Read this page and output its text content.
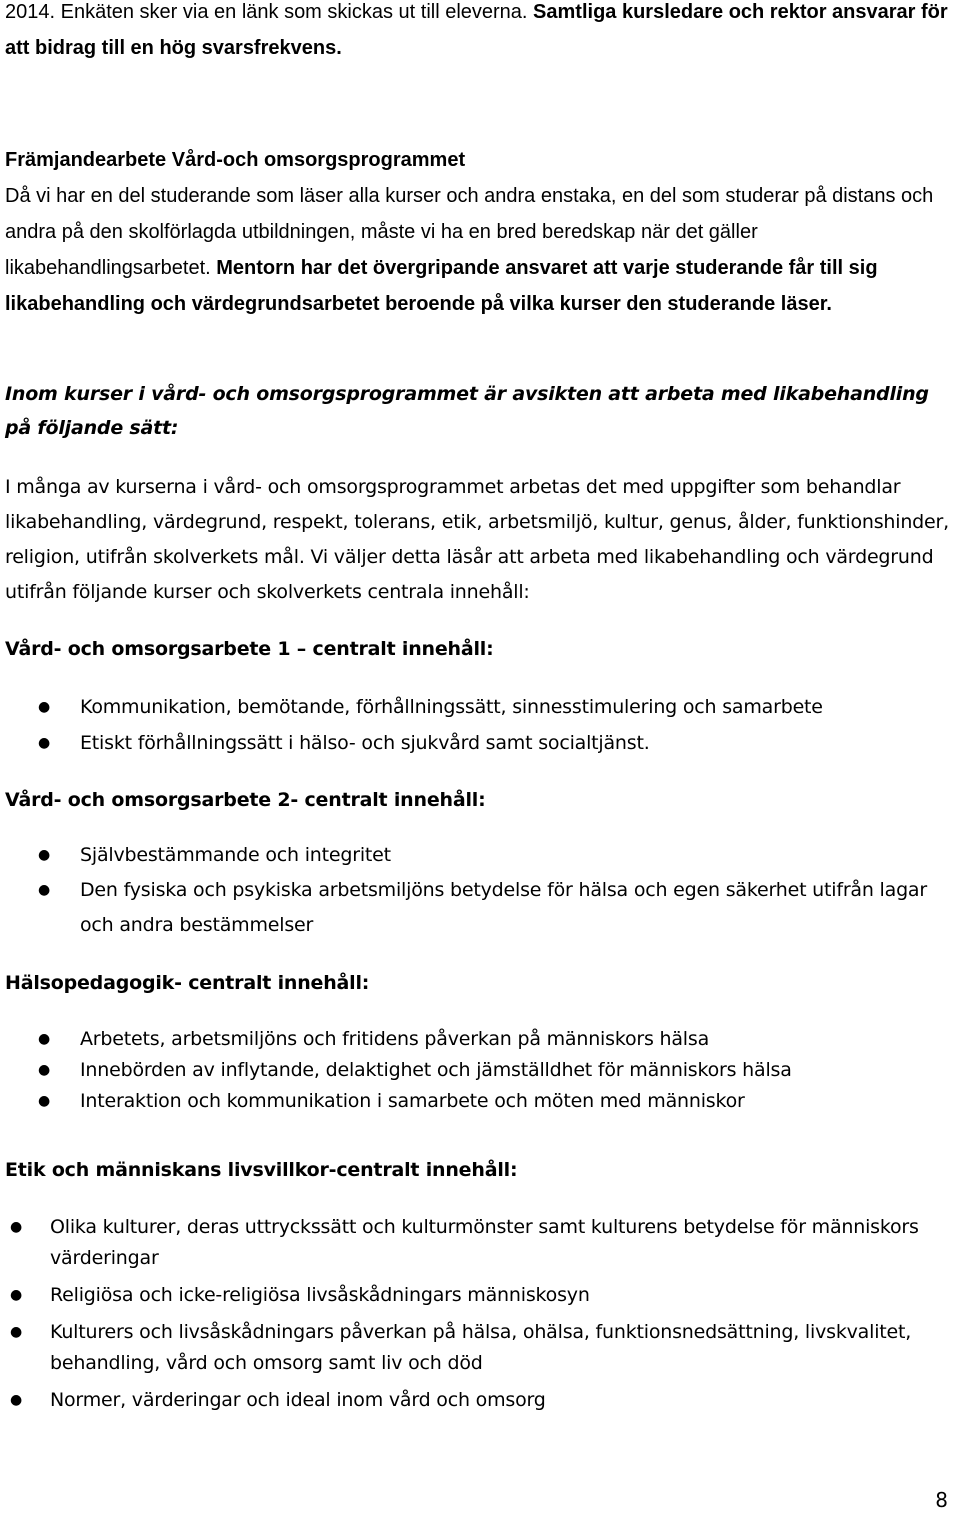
2014. Enkäten sker via en länk som skickas ut till eleverna. Samtliga kursledare och rektor ansvarar för att bidrag till en hög svarsfrekvens.

Främjandearbete Vård-och omsorgsprogrammet

Då vi har en del studerande som läser alla kurser och andra enstaka, en del som studerar på distans och andra på den skolförlagda utbildningen, måste vi ha en bred beredskap när det gäller likabehandlingsarbetet. Mentorn har det övergripande ansvaret att varje studerande får till sig likabehandling och värdegrundsarbetet beroende på vilka kurser den studerande läser.

Inom kurser i vård- och omsorgsprogrammet är avsikten att arbeta med likabehandling på följande sätt:

I många av kurserna i vård- och omsorgsprogrammet arbetas det med uppgifter som behandlar likabehandling, värdegrund, respekt, tolerans, etik, arbetsmiljö, kultur, genus, ålder, funktionshinder, religion, utifrån skolverkets mål. Vi väljer detta läsår att arbeta med likabehandling och värdegrund utifrån följande kurser och skolverkets centrala innehåll:

Vård- och omsorgsarbete 1 – centralt innehåll:
● Kommunikation, bemötande, förhållningssätt, sinnesstimulering och samarbete
● Etiskt förhållningssätt i hälso- och sjukvård samt socialtjänst.
Vård- och omsorgsarbete 2- centralt innehåll:
● Självbestämmande och integritet
● Den fysiska och psykiska arbetsmiljöns betydelse för hälsa och egen säkerhet utifrån lagar och andra bestämmelser
Hälsopedagogik- centralt innehåll:
● Arbetets, arbetsmiljöns och fritidens påverkan på människors hälsa
● Innebörden av inflytande, delaktighet och jämställdhet för människors hälsa
● Interaktion och kommunikation i samarbete och möten med människor
Etik och människans livsvillkor-centralt innehåll:
● Olika kulturer, deras uttryckssätt och kulturmönster samt kulturens betydelse för människors värderingar
● Religiösa och icke-religiösa livsåskådningars människosyn
● Kulturers och livsåskådningars påverkan på hälsa, ohälsa, funktionsnedsättning, livskvalitet, behandling, vård och omsorg samt liv och död
● Normer, värderingar och ideal inom vård och omsorg
8
